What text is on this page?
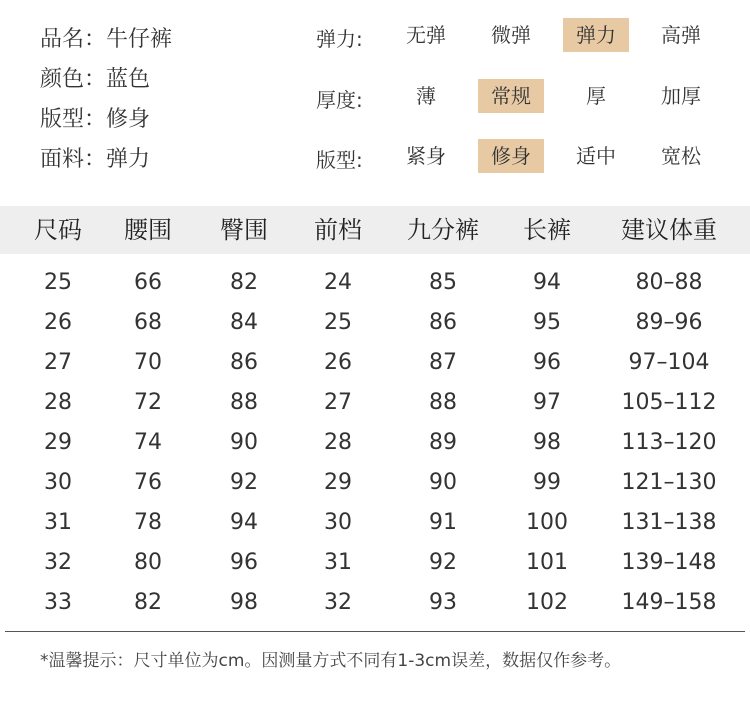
品名：牛仔裤
颜色：蓝色
版型：修身
面料：弹力
弹力:	无弹	微弹	弹力	高弹
厚度:	薄	常规	厚	加厚
版型:	紧身	修身	适中	宽松
尺码 腰围 臀围 前档 九分裤 长裤 建议体重
25	66	82	24	85	94	80–88
26	68	84	25	86	95	89–96
27	70	86	26	87	96	97–104
28	72	88	27	88	97	105–112
29	74	90	28	89	98	113–120
30	76	92	29	90	99	121–130
31	78	94	30	91	100 131–138
32	80	96	31	92	101 139–148
33	82	98	32	93	102 149–158
*温馨提示：尺寸单位为cm。因测量方式不同有1-3cm误差，数据仅作参考。
